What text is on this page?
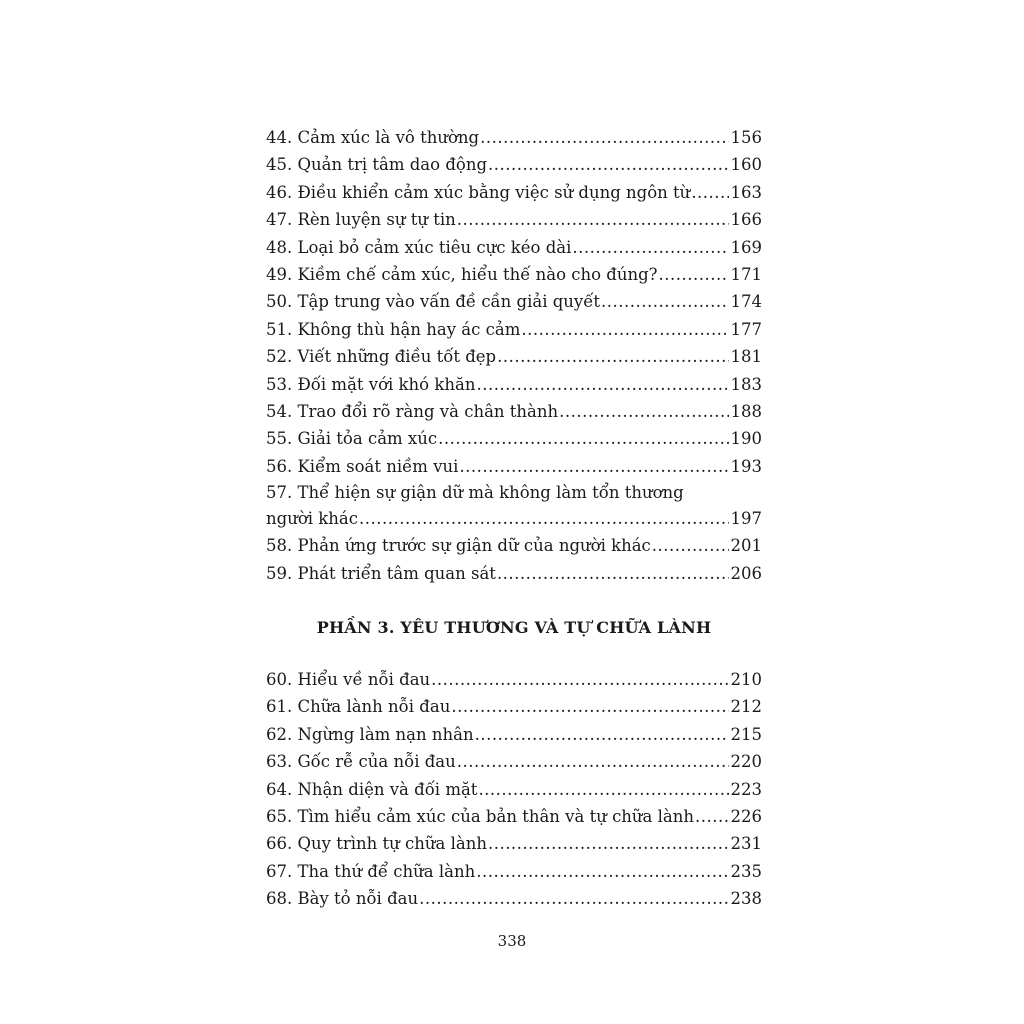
44. Cảm xúc là vô thường .....	156
45. Quản trị tâm dao động .....	160
46. Điều khiển cảm xúc bằng việc sử dụng ngôn từ ..... 163
47. Rèn luyện sự tự tin .....	166
48. Loại bỏ cảm xúc tiêu cực kéo dài .....	169
49. Kiềm chế cảm xúc, hiểu thế nào cho đúng? .....	171
50. Tập trung vào vấn đề cần giải quyết .....	174
51. Không thù hận hay ác cảm .....	177
52. Viết những điều tốt đẹp .....	181
53. Đối mặt với khó khăn .....	183
54. Trao đổi rõ ràng và chân thành .....	188
55. Giải tỏa cảm xúc .....	190
56. Kiểm soát niềm vui .....	193
57. Thể hiện sự giận dữ mà không làm tổn thương
người khác .....	197
58. Phản ứng trước sự giận dữ của người khác .....	201
59. Phát triển tâm quan sát .....	206
PHẦN 3. YÊU THƯƠNG VÀ TỰ CHỮA LÀNH
60. Hiểu về nỗi đau .....	210
61. Chữa lành nỗi đau .....	212
62. Ngừng làm nạn nhân .....	215
63. Gốc rễ của nỗi đau .....	220
64. Nhận diện và đối mặt .....	223
65. Tìm hiểu cảm xúc của bản thân và tự chữa lành ..... 226
66. Quy trình tự chữa lành .....	231
67. Tha thứ để chữa lành .....	235
68. Bày tỏ nỗi đau .....	238
338
